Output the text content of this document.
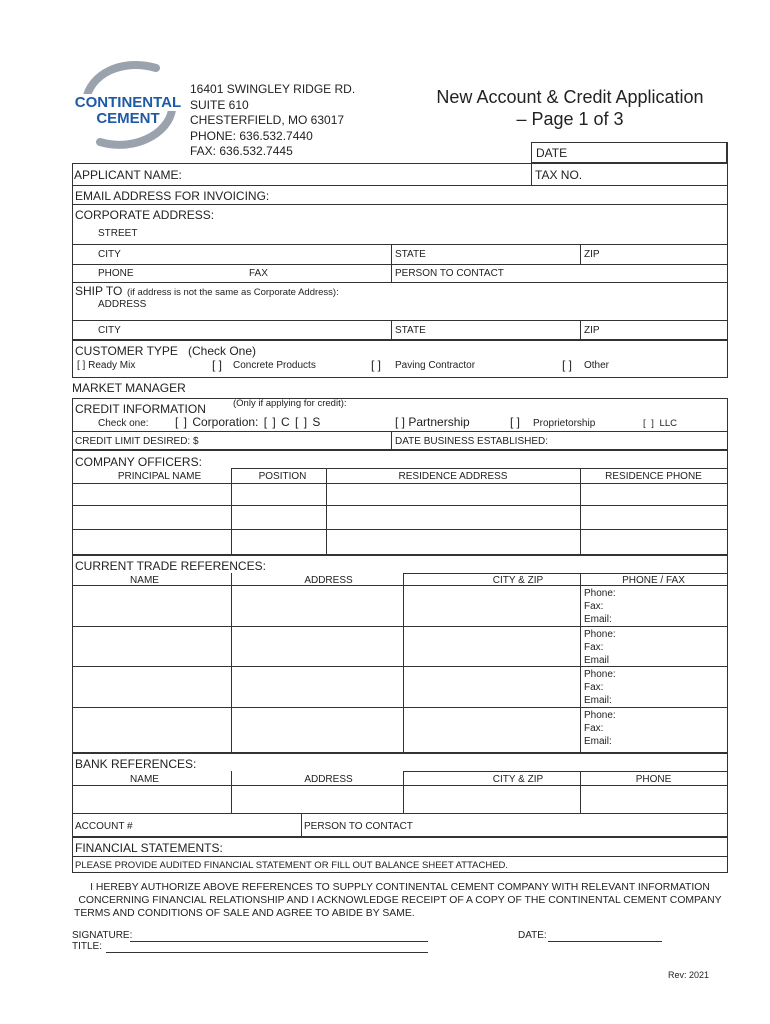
CONTINENTAL
CEMENT
16401 SWINGLEY RIDGE RD.
SUITE 610
CHESTERFIELD, MO 63017
PHONE: 636.532.7440
FAX: 636.532.7445
New Account & Credit Application
– Page 1 of 3
DATE
APPLICANT NAME:	TAX NO.
EMAIL ADDRESS FOR INVOICING:
CORPORATE ADDRESS:
STREET
CITY	STATE	ZIP
PHONE	FAX	PERSON TO CONTACT
SHIP TO (if address is not the same as Corporate Address):
ADDRESS
CITY	STATE	ZIP
CUSTOMER TYPE (Check One)
[ ] Ready Mix	[ ] Concrete Products	[ ] Paving Contractor	[ ] Other
MARKET MANAGER
CREDIT INFORMATION	(Only if applying for credit):
Check one: [ ] Corporation: [ ] C [ ] S	[ ] Partnership	[ ] Proprietorship	[ ] LLC
CREDIT LIMIT DESIRED: $	DATE BUSINESS ESTABLISHED:
COMPANY OFFICERS:
PRINCIPAL NAME	POSITION	RESIDENCE ADDRESS	RESIDENCE PHONE
CURRENT TRADE REFERENCES:
NAME	ADDRESS	CITY & ZIP	PHONE / FAX
Phone:
Fax:
Email:
Phone:
Fax:
Email
Phone:
Fax:
Email:
Phone:
Fax:
Email:
BANK REFERENCES:
NAME	ADDRESS	CITY & ZIP	PHONE
ACCOUNT #	PERSON TO CONTACT
FINANCIAL STATEMENTS:
PLEASE PROVIDE AUDITED FINANCIAL STATEMENT OR FILL OUT BALANCE SHEET ATTACHED.
I HEREBY AUTHORIZE ABOVE REFERENCES TO SUPPLY CONTINENTAL CEMENT COMPANY WITH RELEVANT INFORMATION
CONCERNING FINANCIAL RELATIONSHIP AND I ACKNOWLEDGE RECEIPT OF A COPY OF THE CONTINENTAL CEMENT COMPANY
TERMS AND CONDITIONS OF SALE AND AGREE TO ABIDE BY SAME.
SIGNATURE:
TITLE:
DATE:
Rev: 2021
